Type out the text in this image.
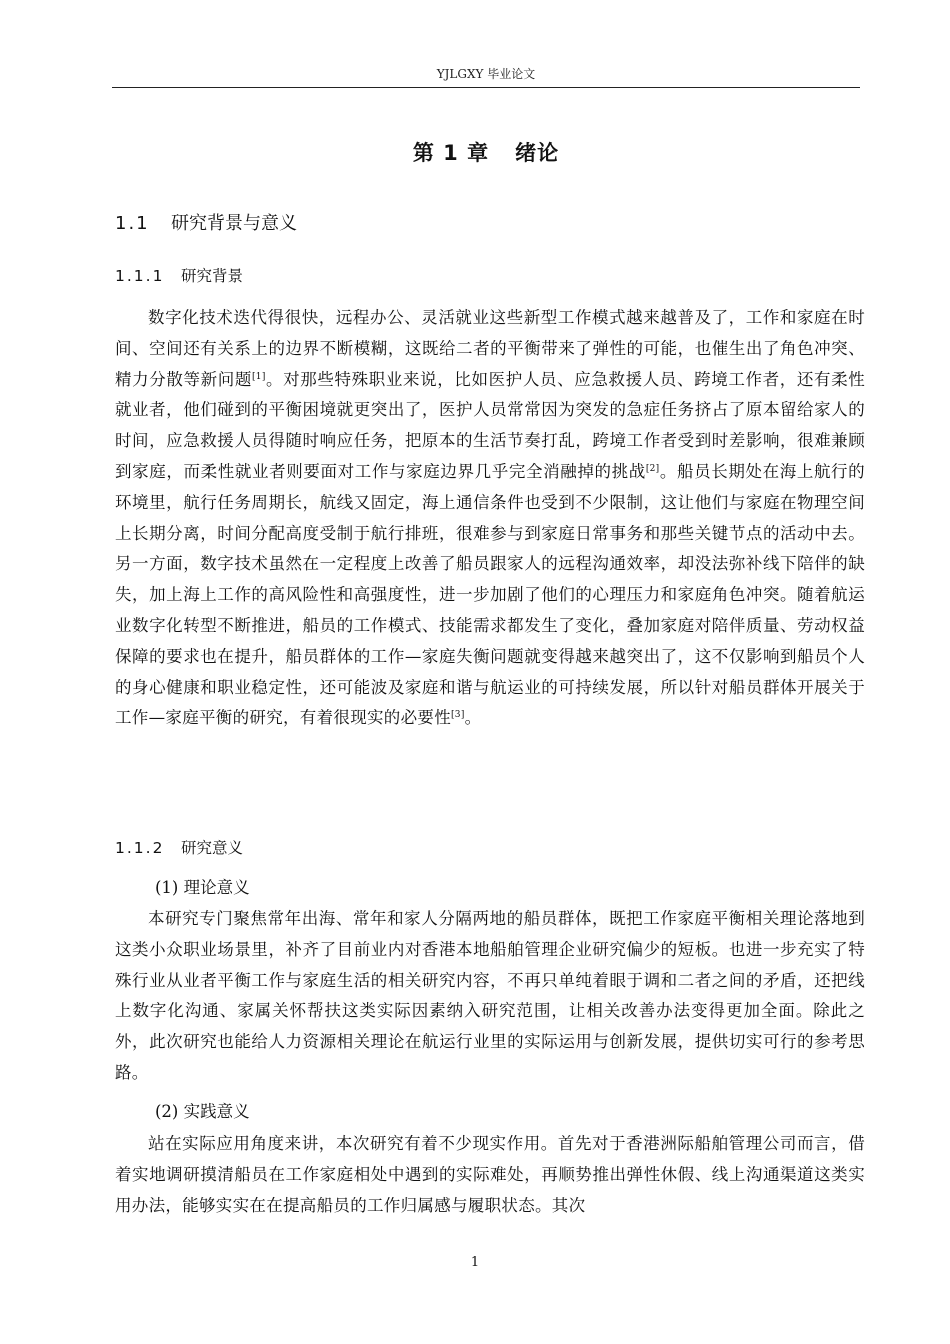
YJLGXY 毕业论文
第 1 章 绪论
1.1 研究背景与意义
1.1.1 研究背景

数字化技术迭代得很快，远程办公、灵活就业这些新型工作模式越来越普及了，工作和家庭在时间、空间还有关系上的边界不断模糊，这既给二者的平衡带来了弹性的可能，也催生出了角色冲突、精力分散等新问题[1]。对那些特殊职业来说，比如医护人员、应急救援人员、跨境工作者，还有柔性就业者，他们碰到的平衡困境就更突出了，医护人员常常因为突发的急症任务挤占了原本留给家人的时间，应急救援人员得随时响应任务，把原本的生活节奏打乱，跨境工作者受到时差影响，很难兼顾到家庭，而柔性就业者则要面对工作与家庭边界几乎完全消融掉的挑战[2]。船员长期处在海上航行的环境里，航行任务周期长，航线又固定，海上通信条件也受到不少限制，这让他们与家庭在物理空间上长期分离，时间分配高度受制于航行排班，很难参与到家庭日常事务和那些关键节点的活动中去。另一方面，数字技术虽然在一定程度上改善了船员跟家人的远程沟通效率，却没法弥补线下陪伴的缺失，加上海上工作的高风险性和高强度性，进一步加剧了他们的心理压力和家庭角色冲突。随着航运业数字化转型不断推进，船员的工作模式、技能需求都发生了变化，叠加家庭对陪伴质量、劳动权益保障的要求也在提升，船员群体的工作—家庭失衡问题就变得越来越突出了，这不仅影响到船员个人的身心健康和职业稳定性，还可能波及家庭和谐与航运业的可持续发展，所以针对船员群体开展关于工作—家庭平衡的研究，有着很现实的必要性[3]。

1.1.2 研究意义
(1) 理论意义

本研究专门聚焦常年出海、常年和家人分隔两地的船员群体，既把工作家庭平衡相关理论落地到这类小众职业场景里，补齐了目前业内对香港本地船舶管理企业研究偏少的短板。也进一步充实了特殊行业从业者平衡工作与家庭生活的相关研究内容，不再只单纯着眼于调和二者之间的矛盾，还把线上数字化沟通、家属关怀帮扶这类实际因素纳入研究范围，让相关改善办法变得更加全面。除此之外，此次研究也能给人力资源相关理论在航运行业里的实际运用与创新发展，提供切实可行的参考思路。

(2) 实践意义

站在实际应用角度来讲，本次研究有着不少现实作用。首先对于香港洲际船舶管理公司而言，借着实地调研摸清船员在工作家庭相处中遇到的实际难处，再顺势推出弹性休假、线上沟通渠道这类实用办法，能够实实在在提高船员的工作归属感与履职状态。其次

1
